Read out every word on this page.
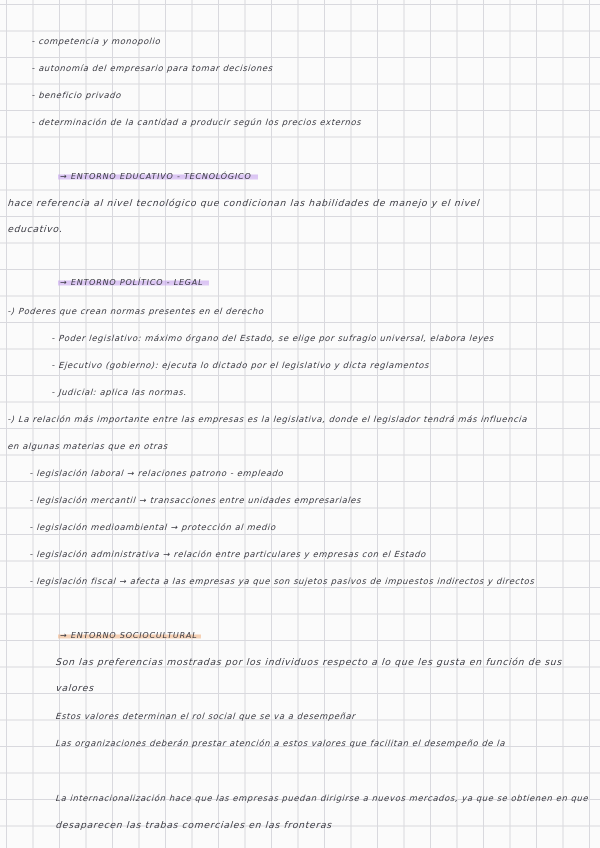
- competencia y monopolio
- autonomía del empresario para tomar decisiones
- beneficio privado
- determinación de la cantidad a producir según los precios externos
→ ENTORNO EDUCATIVO - TECNOLÓGICO
hace referencia al nivel tecnológico que condicionan las habilidades de manejo y el nivel
educativo.
→ ENTORNO POLÍTICO - LEGAL
-) Poderes que crean normas presentes en el derecho
- Poder legislativo: máximo órgano del Estado, se elige por sufragio universal, elabora leyes
- Ejecutivo (gobierno): ejecuta lo dictado por el legislativo y dicta reglamentos
- Judicial: aplica las normas.
-) La relación más importante entre las empresas es la legislativa, donde el legislador tendrá más influencia
en algunas materias que en otras
- legislación laboral → relaciones patrono - empleado
- legislación mercantil → transacciones entre unidades empresariales
- legislación medioambiental → protección al medio
- legislación administrativa → relación entre particulares y empresas con el Estado
- legislación fiscal → afecta a las empresas ya que son sujetos pasivos de impuestos indirectos y directos
→ ENTORNO SOCIOCULTURAL
Son las preferencias mostradas por los individuos respecto a lo que les gusta en función de sus
valores
Estos valores determinan el rol social que se va a desempeñar
Las organizaciones deberán prestar atención a estos valores que facilitan el desempeño de la
La internacionalización hace que las empresas puedan dirigirse a nuevos mercados, ya que se obtienen en que
desaparecen las trabas comerciales en las fronteras
